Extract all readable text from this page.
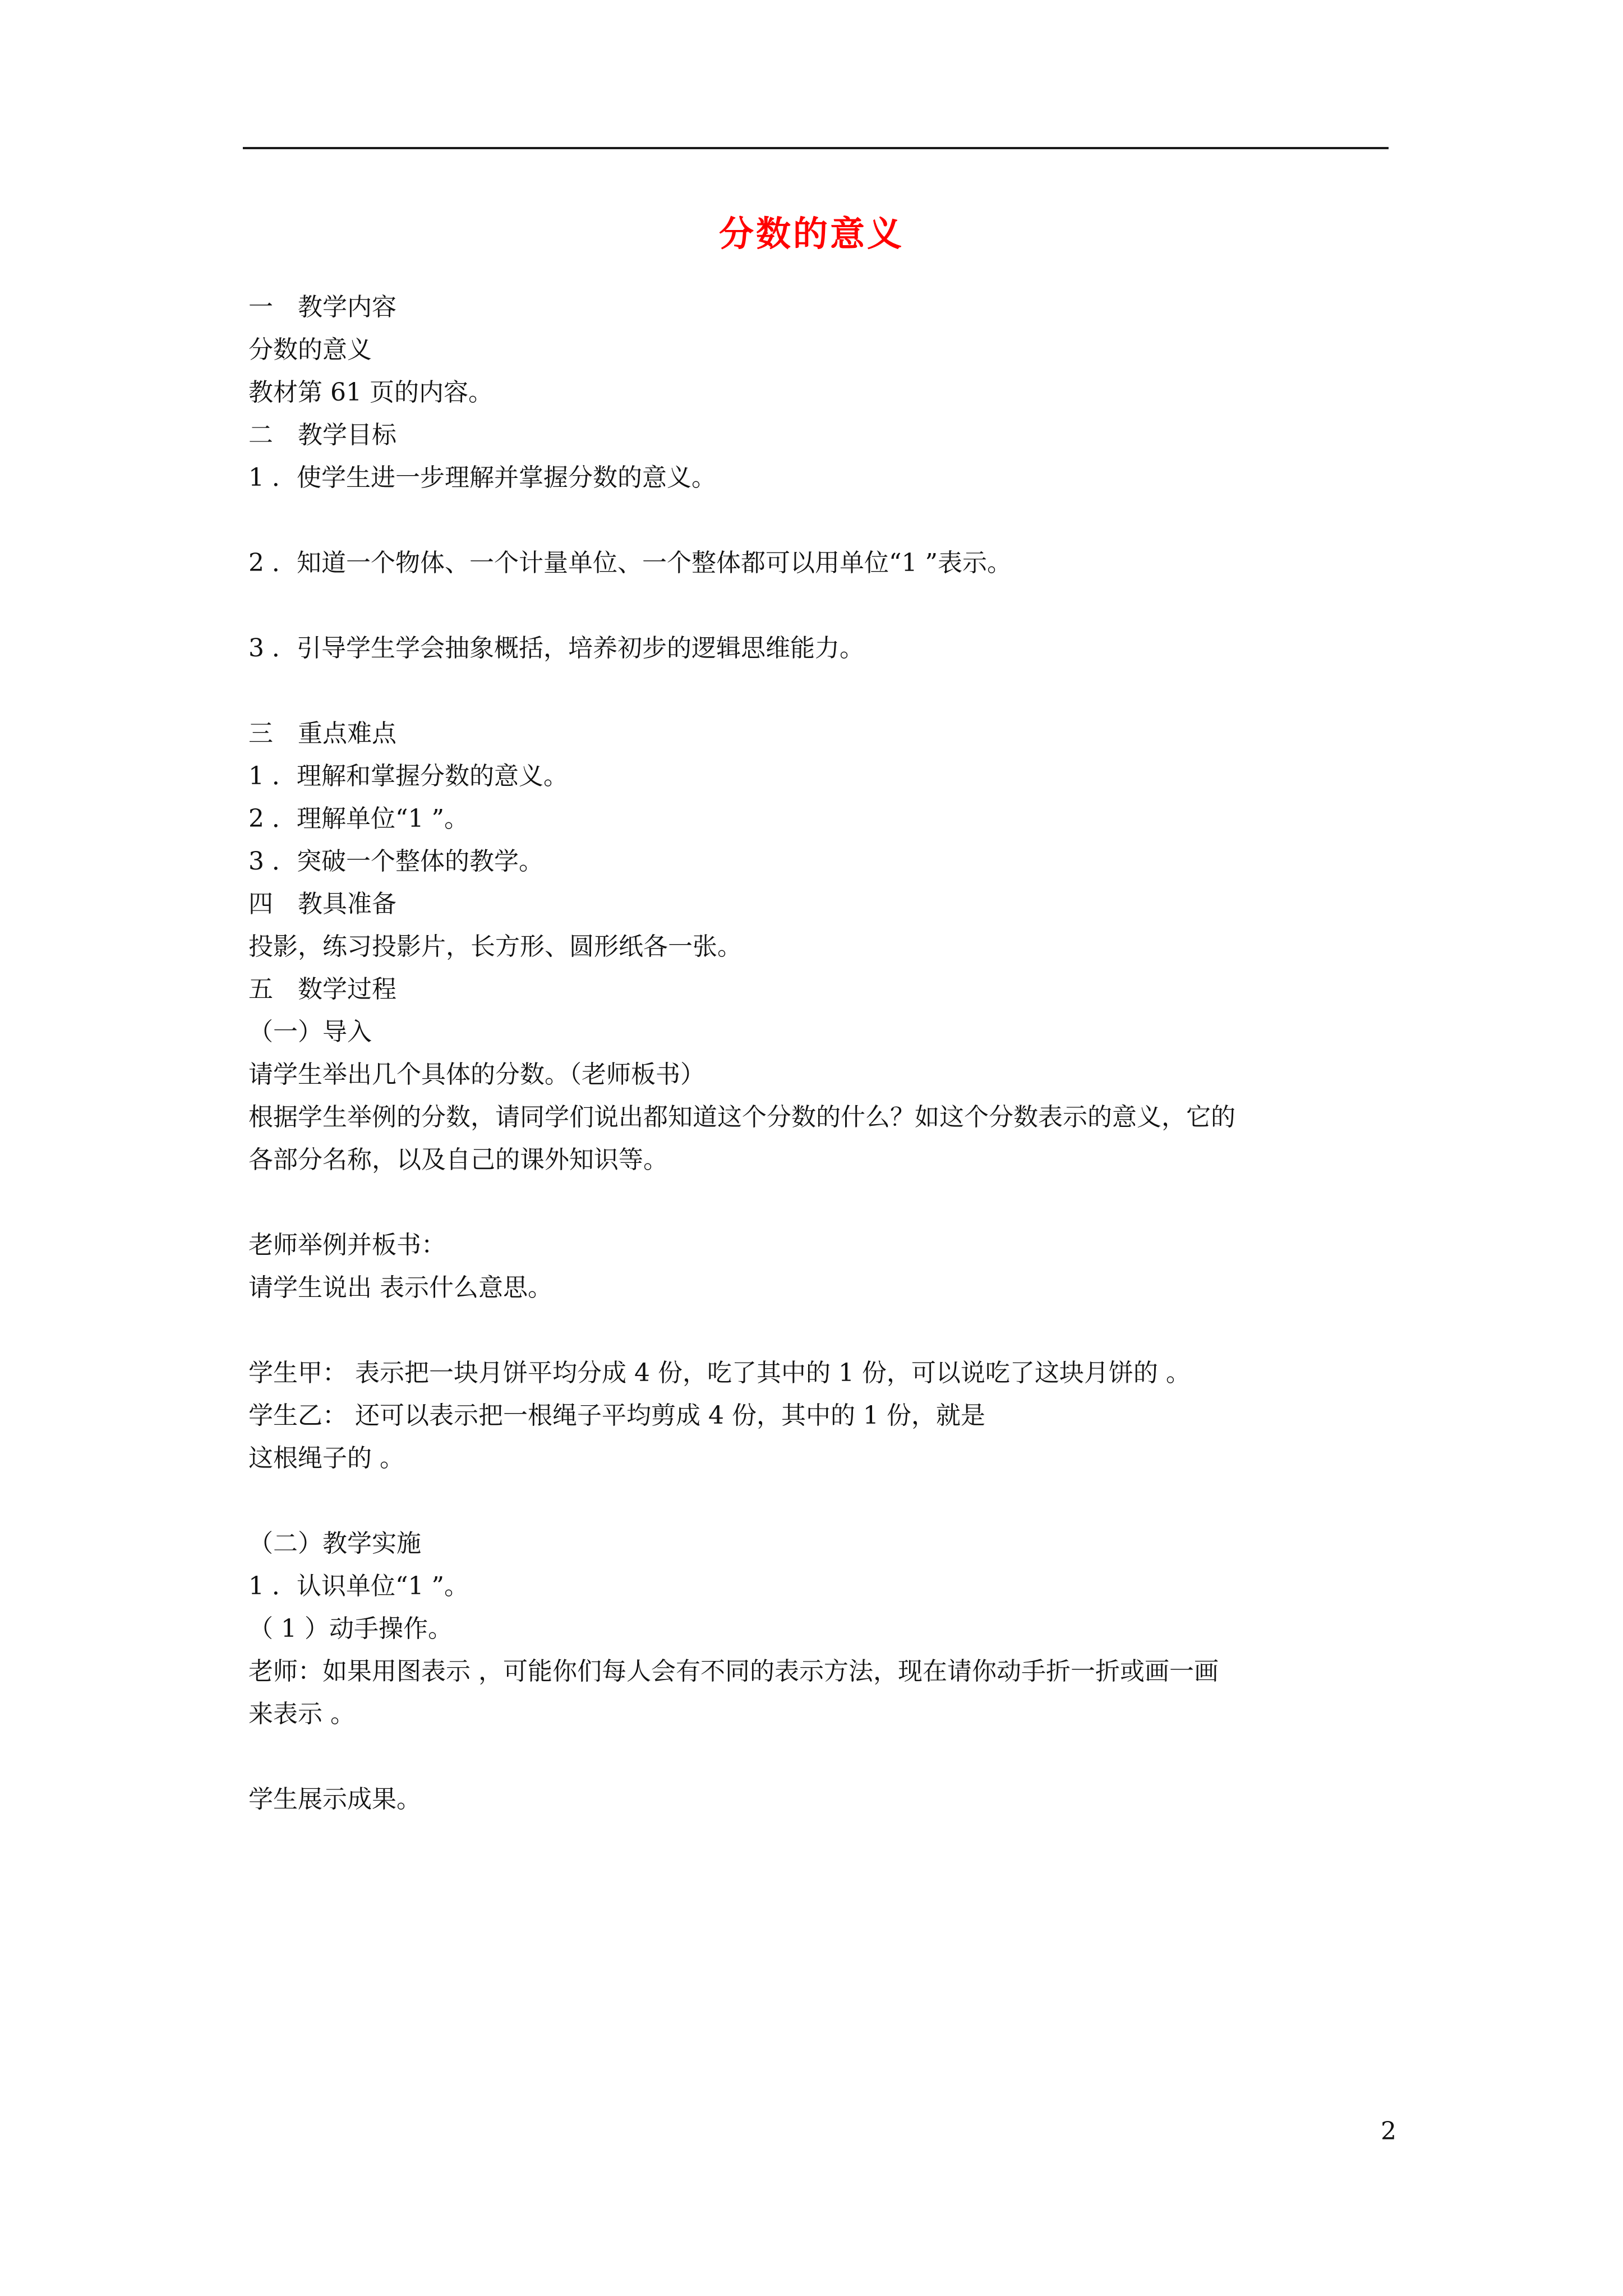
分数的意义
一　教学内容
分数的意义
教材第 61 页的内容。
二　教学目标
1 ．使学生进一步理解并掌握分数的意义。
2 ．知道一个物体、一个计量单位、一个整体都可以用单位“1 ”表示。
3 ．引导学生学会抽象概括，培养初步的逻辑思维能力。
三　重点难点
1 ．理解和掌握分数的意义。
2 ．理解单位“1 ”。
3 ．突破一个整体的教学。
四　教具准备
投影，练习投影片，长方形、圆形纸各一张。
五　数学过程
（一）导入
请学生举出几个具体的分数。（老师板书）
根据学生举例的分数，请同学们说出都知道这个分数的什么？如这个分数表示的意义，它的
各部分名称，以及自己的课外知识等。
老师举例并板书：
请学生说出 表示什么意思。
学生甲： 表示把一块月饼平均分成 4 份，吃了其中的 1 份，可以说吃了这块月饼的 。
学生乙： 还可以表示把一根绳子平均剪成 4 份，其中的 1 份，就是
这根绳子的 。
（二）教学实施
1 ．认识单位“1 ”。
（ 1 ）动手操作。
老师：如果用图表示 ，可能你们每人会有不同的表示方法，现在请你动手折一折或画一画
来表示 。
学生展示成果。
2
